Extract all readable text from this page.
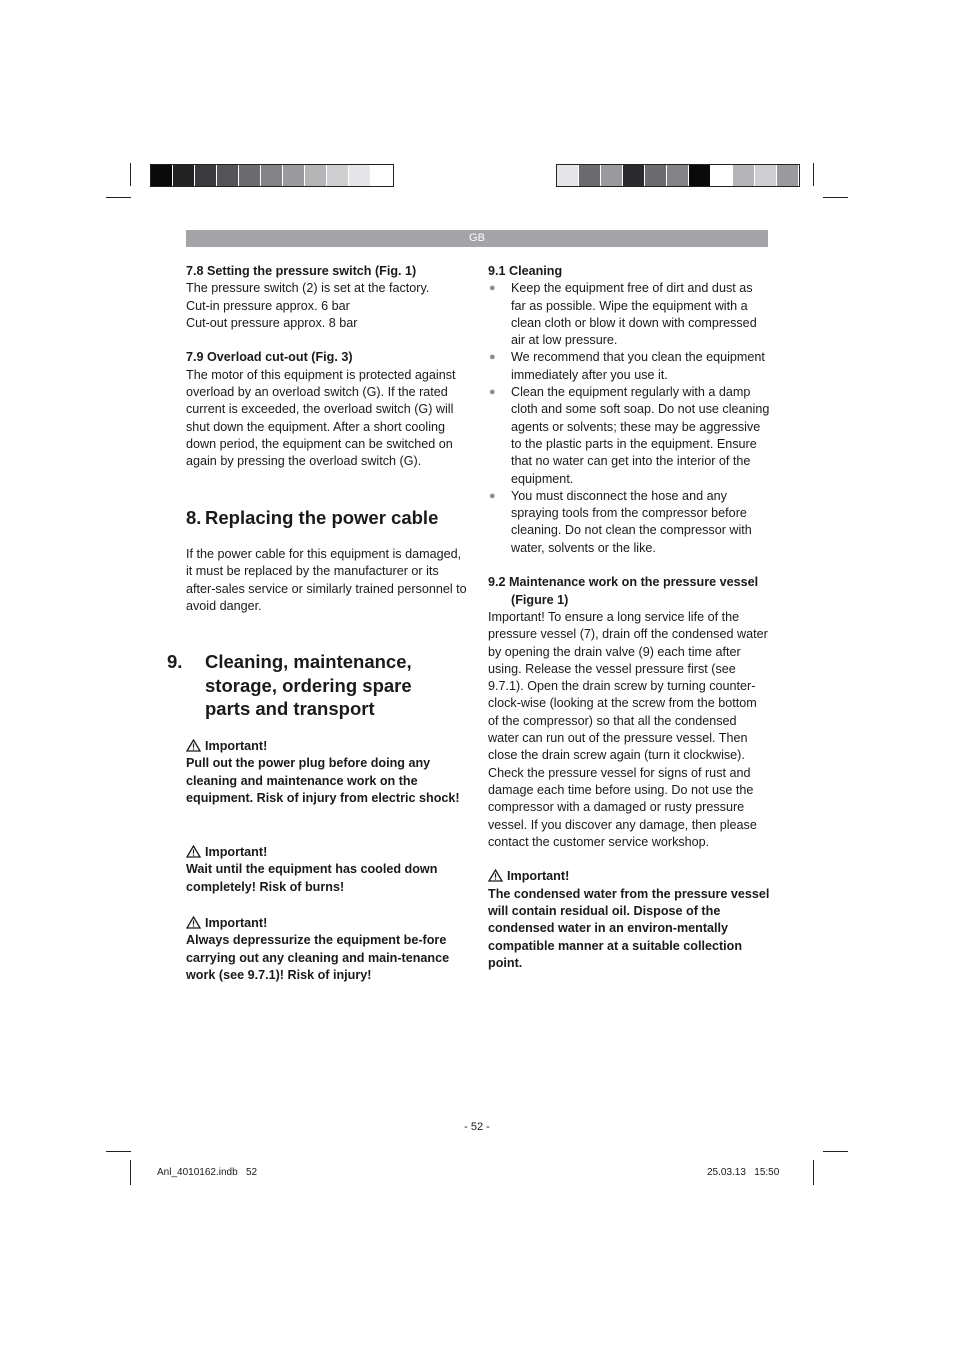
GB

7.8 Setting the pressure switch (Fig. 1)

The pressure switch (2) is set at the factory.

Cut-in pressure approx. 6 bar

Cut-out pressure approx. 8 bar

7.9 Overload cut-out (Fig. 3)

The motor of this equipment is protected against overload by an overload switch (G). If the rated current is exceeded, the overload switch (G) will shut down the equipment. After a short cooling down period, the equipment can be switched on again by pressing the overload switch (G).

8. Replacing the power cable

If the power cable for this equipment is damaged, it must be replaced by the manufacturer or its after-sales service or similarly trained personnel to avoid danger.

9. Cleaning, maintenance, storage, ordering spare parts and transport

Important!

Pull out the power plug before doing any cleaning and maintenance work on the equipment. Risk of injury from electric shock!

Important!

Wait until the equipment has cooled down completely! Risk of burns!

Important!

Always depressurize the equipment be-fore carrying out any cleaning and main-tenance work (see 9.7.1)! Risk of injury!

9.1 Cleaning

● Keep the equipment free of dirt and dust as far as possible. Wipe the equipment with a clean cloth or blow it down with compressed air at low pressure.
● We recommend that you clean the equipment immediately after you use it.
● Clean the equipment regularly with a damp cloth and some soft soap. Do not use cleaning agents or solvents; these may be aggressive to the plastic parts in the equipment. Ensure that no water can get into the interior of the equipment.
● You must disconnect the hose and any spraying tools from the compressor before cleaning. Do not clean the compressor with water, solvents or the like.

9.2 Maintenance work on the pressure vessel (Figure 1)

Important! To ensure a long service life of the pressure vessel (7), drain off the condensed water by opening the drain valve (9) each time after using. Release the vessel pressure first (see 9.7.1). Open the drain screw by turning counter-clock-wise (looking at the screw from the bottom of the compressor) so that all the condensed water can run out of the pressure vessel. Then close the drain screw again (turn it clockwise). Check the pressure vessel for signs of rust and damage each time before using. Do not use the compressor with a damaged or rusty pressure vessel. If you discover any damage, then please contact the customer service workshop.

Important!

The condensed water from the pressure vessel will contain residual oil. Dispose of the condensed water in an environ-mentally compatible manner at a suitable collection point.

- 52 -
Anl_4010162.indb   52	25.03.13   15:50
